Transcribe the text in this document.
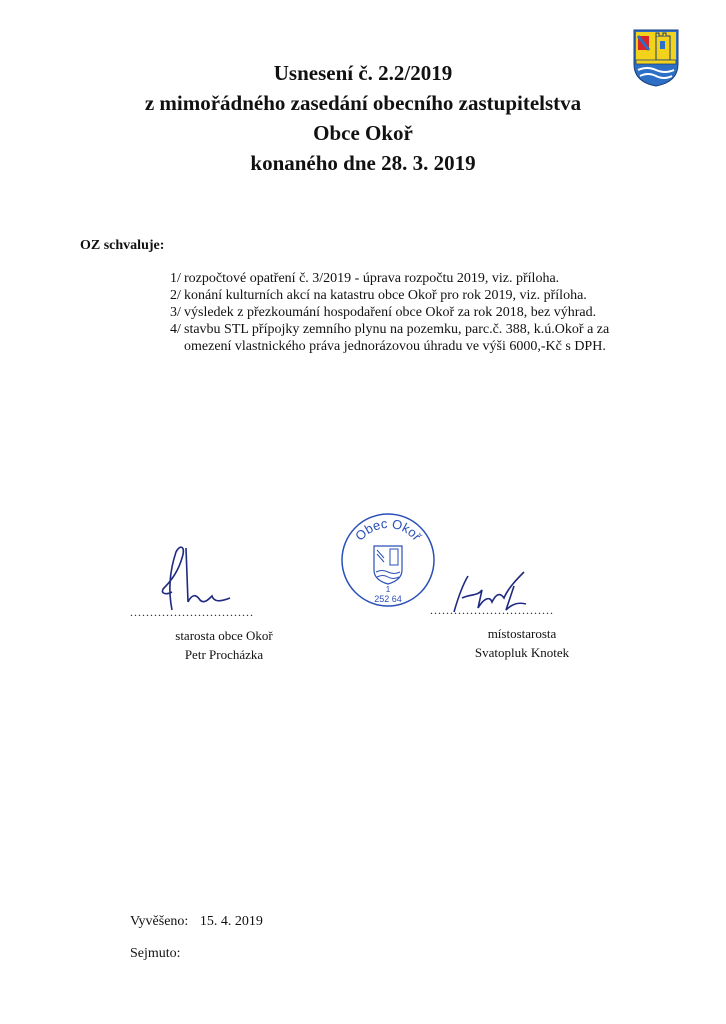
Usnesení č. 2.2/2019
z mimořádného zasedání obecního zastupitelstva
Obce Okoř
konaného dne 28. 3. 2019
OZ schvaluje:
1/ rozpočtové opatření č. 3/2019 - úprava rozpočtu 2019, viz. příloha.
2/ konání kulturních akcí na katastru obce Okoř pro rok 2019, viz. příloha.
3/ výsledek z přezkoumání hospodaření obce Okoř za rok 2018, bez výhrad.
4/ stavbu STL přípojky zemního plynu na pozemku, parc.č. 388, k.ú.Okoř a za omezení vlastnického práva jednorázovou úhradu ve výši 6000,-Kč s DPH.
Obec Okoř
1
252 64
...............................	...............................
starosta obce Okoř
Petr Procházka
místostarosta
Svatopluk Knotek
Vyvěšeno: 15. 4. 2019
Sejmuto:
